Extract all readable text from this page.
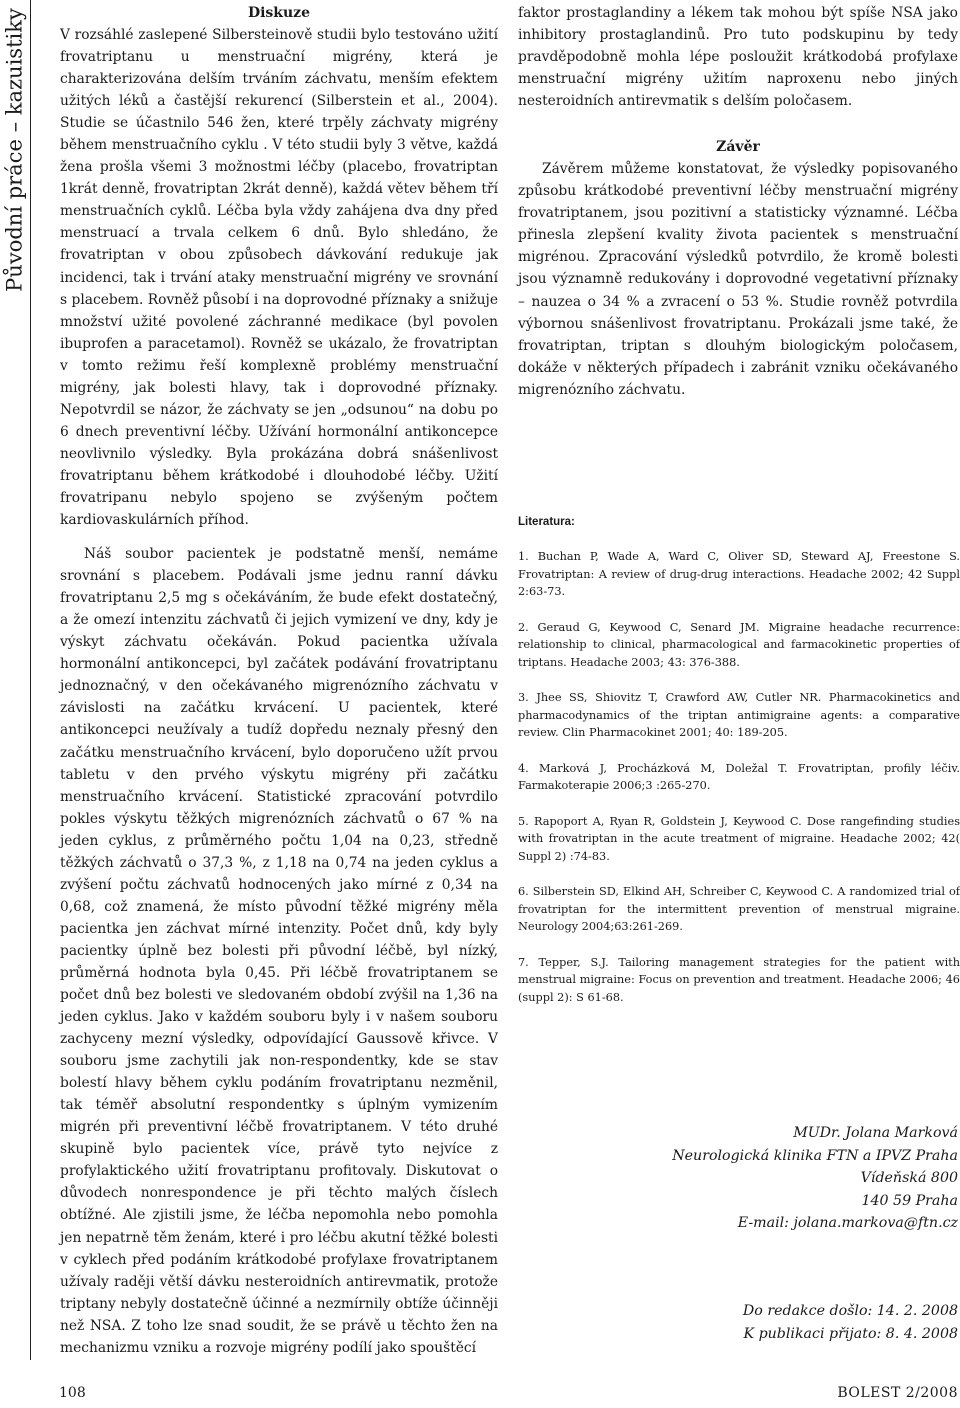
Původní práce – kazuistiky	Diskuze

V rozsáhlé zaslepené Silbersteinově studii bylo testováno užití frovatriptanu u menstruační migrény, která je charakterizována delším trváním záchvatu, menším efektem užitých léků a častější rekurencí (Silberstein et al., 2004). Studie se účastnilo 546 žen, které trpěly záchvaty migrény během menstruačního cyklu . V této studii byly 3 větve, každá žena prošla všemi 3 možnostmi léčby (placebo, frovatriptan 1krát denně, frovatriptan 2krát denně), každá větev během tří menstruačních cyklů. Léčba byla vždy zahájena dva dny před menstruací a trvala celkem 6 dnů. Bylo shledáno, že frovatriptan v obou způsobech dávkování redukuje jak incidenci, tak i trvání ataky menstruační migrény ve srovnání s placebem. Rovněž působí i na doprovodné příznaky a snižuje množství užité povolené záchranné medikace (byl povolen ibuprofen a paracetamol). Rovněž se ukázalo, že frovatriptan v tomto režimu řeší komplexně problémy menstruační migrény, jak bolesti hlavy, tak i doprovodné příznaky. Nepotvrdil se názor, že záchvaty se jen „odsunou“ na dobu po 6 dnech preventivní léčby. Užívání hormonální antikoncepce neovlivnilo výsledky. Byla prokázána dobrá snášenlivost frovatriptanu během krátkodobé i dlouhodobé léčby. Užití frovatripanu nebylo spojeno se zvýšeným počtem kardiovaskulárních příhod.

Náš soubor pacientek je podstatně menší, nemáme srovnání s placebem. Podávali jsme jednu ranní dávku frovatriptanu 2,5 mg s očekáváním, že bude efekt dostatečný, a že omezí intenzitu záchvatů či jejich vymizení ve dny, kdy je výskyt záchvatu očekáván. Pokud pacientka užívala hormonální antikoncepci, byl začátek podávání frovatriptanu jednoznačný, v den očekávaného migrenózního záchvatu v závislosti na začátku krvácení. U pacientek, které antikoncepci neužívaly a tudíž dopředu neznaly přesný den začátku menstruačního krvácení, bylo doporučeno užít prvou tabletu v den prvého výskytu migrény při začátku menstruačního krvácení. Statistické zpracování potvrdilo pokles výskytu těžkých migrenózních záchvatů o 67 % na jeden cyklus, z průměrného počtu 1,04 na 0,23, středně těžkých záchvatů o 37,3 %, z 1,18 na 0,74 na jeden cyklus a zvýšení počtu záchvatů hodnocených jako mírné z 0,34 na 0,68, což znamená, že místo původní těžké migrény měla pacientka jen záchvat mírné intenzity. Počet dnů, kdy byly pacientky úplně bez bolesti při původní léčbě, byl nízký, průměrná hodnota byla 0,45. Při léčbě frovatriptanem se počet dnů bez bolesti ve sledovaném období zvýšil na 1,36 na jeden cyklus. Jako v každém souboru byly i v našem souboru zachyceny mezní výsledky, odpovídající Gaussově křivce. V souboru jsme zachytili jak non-respondentky, kde se stav bolestí hlavy během cyklu podáním frovatriptanu nezměnil, tak téměř absolutní respondentky s úplným vymizením migrén při preventivní léčbě frovatriptanem. V této druhé skupině bylo pacientek více, právě tyto nejvíce z profylaktického užití frovatriptanu profitovaly. Diskutovat o důvodech nonrespondence je při těchto malých číslech obtížné. Ale zjistili jsme, že léčba nepomohla nebo pomohla jen nepatrně těm ženám, které i pro léčbu akutní těžké bolesti v cyklech před podáním krátkodobé profylaxe frovatriptanem užívaly raději větší dávku nesteroidních antirevmatik, protože triptany nebyly dostatečně účinné a nezmírnily obtíže účinněji než NSA. Z toho lze snad soudit, že se právě u těchto žen na mechanizmu vzniku a rozvoje migrény podílí jako spouštěcí

faktor prostaglandiny a lékem tak mohou být spíše NSA jako inhibitory prostaglandinů. Pro tuto podskupinu by tedy pravděpodobně mohla lépe posloužit krátkodobá profylaxe menstruační migrény užitím naproxenu nebo jiných nesteroidních antirevmatik s delším poločasem.

Závěr

Závěrem můžeme konstatovat, že výsledky popisovaného způsobu krátkodobé preventivní léčby menstruační migrény frovatriptanem, jsou pozitivní a statisticky významné. Léčba přinesla zlepšení kvality života pacientek s menstruační migrénou. Zpracování výsledků potvrdilo, že kromě bolesti jsou významně redukovány i doprovodné vegetativní příznaky – nauzea o 34 % a zvracení o 53 %. Studie rovněž potvrdila výbornou snášenlivost frovatriptanu. Prokázali jsme také, že frovatriptan, triptan s dlouhým biologickým poločasem, dokáže v některých případech i zabránit vzniku očekávaného migrenózního záchvatu.

Literatura:

1. Buchan P, Wade A, Ward C, Oliver SD, Steward AJ, Freestone S. Frovatriptan: A review of drug-drug interactions. Headache 2002; 42 Suppl 2:63-73.

2. Geraud G, Keywood C, Senard JM. Migraine headache recurrence: relationship to clinical, pharmacological and farmacokinetic properties of triptans. Headache 2003; 43: 376-388.

3. Jhee SS, Shiovitz T, Crawford AW, Cutler NR. Pharmacokinetics and pharmacodynamics of the triptan antimigraine agents: a comparative review. Clin Pharmacokinet 2001; 40: 189-205.

4. Marková J, Procházková M, Doležal T. Frovatriptan, profily léčiv. Farmakoterapie 2006;3 :265-270.

5. Rapoport A, Ryan R, Goldstein J, Keywood C. Dose rangefinding studies with frovatriptan in the acute treatment of migraine. Headache 2002; 42( Suppl 2) :74-83.

6. Silberstein SD, Elkind AH, Schreiber C, Keywood C. A randomized trial of frovatriptan for the intermittent prevention of menstrual migraine. Neurology 2004;63:261-269.

7. Tepper, S.J. Tailoring management strategies for the patient with menstrual migraine: Focus on prevention and treatment. Headache 2006; 46 (suppl 2): S 61-68.

MUDr. Jolana Marková
Neurologická klinika FTN a IPVZ Praha
Vídeňská 800
140 59 Praha
E-mail: jolana.markova@ftn.cz
Do redakce došlo: 14. 2. 2008
K publikaci přijato: 8. 4. 2008
108	BOLEST 2/2008
